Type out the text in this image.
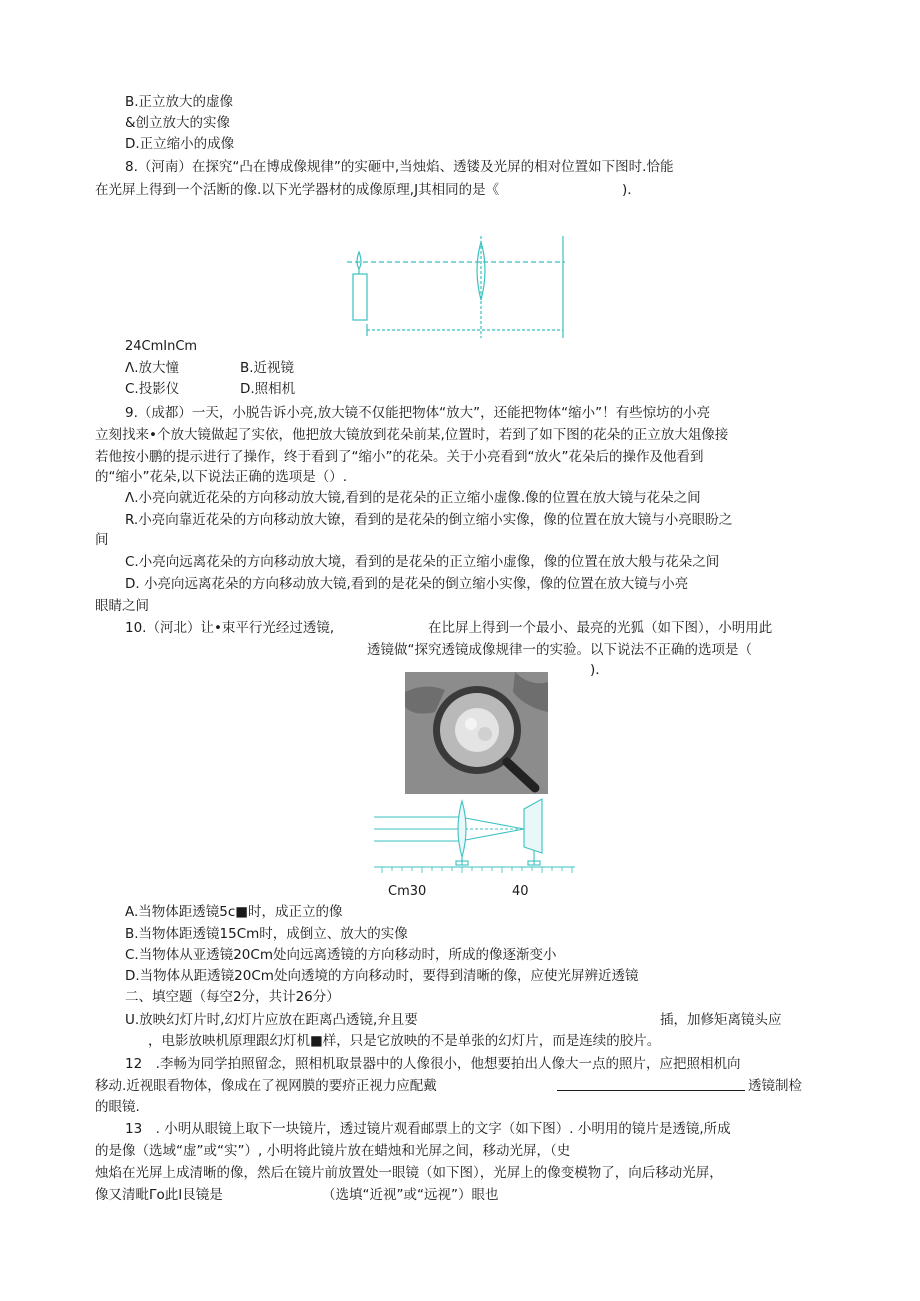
B.正立放大的虚像
&创立放大的实像
D.正立缩小的成像
8.（河南）在探究“凸在博成像规律”的实砸中,当烛焰、透镂及光屏的相对位置如下图时.恰能
在光屏上得到一个活断的像.以下光学器材的成像原理,J其相同的是《	).
24CmInCm
Λ.放大憧	B.近视镜
C.投影仪	D.照相机
9.（成都）一天，小脱告诉小亮,放大镜不仅能把物体“放大”，还能把物体“缩小”！有些惊坊的小亮
立刻找来•个放大镜做起了实依，他把放大镜放到花朵前某,位置时，若到了如下图的花朵的正立放大俎像接
若他按小鹏的提示进行了操作，终于看到了“缩小”的花朵。关于小亮看到“放火”花朵后的操作及他看到
的“缩小”花朵,以下说法正确的选项是（）.
Λ.小亮向就近花朵的方向移动放大镜,看到的是花朵的正立缩小虚像.像的位置在放大镜与花朵之间
R.小亮向靠近花朵的方向移动放大镣，看到的是花朵的倒立缩小实像，像的位置在放大镜与小亮眼盼之
间
C.小亮向远离花朵的方向移动放大境，看到的是花朵的正立缩小虚像，像的位置在放大般与花朵之间
D. 小亮向远离花朵的方向移动放大镜,看到的是花朵的倒立缩小实像，像的位置在放大镜与小亮
眼睛之间
10.（河北）让•束平行光经过透镜,	在比屏上得到一个最小、最亮的光狐（如下图），小明用此
透镜做“探究透镜成像规律一的实验。以下说法不正确的选项是（
).
Cm30	40
A.当物体距透镜5c■时，成正立的像
B.当物体距透镜15Cm时，成倒立、放大的实像
C.当物体从亚透镜20Cm处向远离透镜的方向移动时，所成的像逐渐变小
D.当物体从距透镜20Cm处向透境的方向移动时，要得到清晰的像，应使光屏辨近透镜
二、填空题（每空2分，共计26分）
U.放映幻灯片时,幻灯片应放在距离凸透镜,弁且要	插，加修矩离镜头应
，电影放映机原理跟幻灯机■样，只是它放映的不是单张的幻灯片，而是连续的胶片。
12　.李畅为同学拍照留念，照相机取景器中的人像很小，他想要拍出人像大一点的照片，应把照相机向
移动.近视眼看物体，像成在了视网膜的要疥正视力应配戴	透镜制检
的眼镜.
13　. 小明从眼镜上取下一块镜片，透过镜片观看邮票上的文字（如下图）. 小明用的镜片是透镜,所成
的是像（选域“虚”或“实”）, 小明将此镜片放在蜡烛和光屏之间，移动光屏，（史
烛焰在光屏上成清晰的像，然后在镜片前放置处一眼镜（如下图），光屏上的像变模物了，向后移动光屏，
像又清毗Γo此I艮镜是	（选填“近视”或“远视”）眼也
